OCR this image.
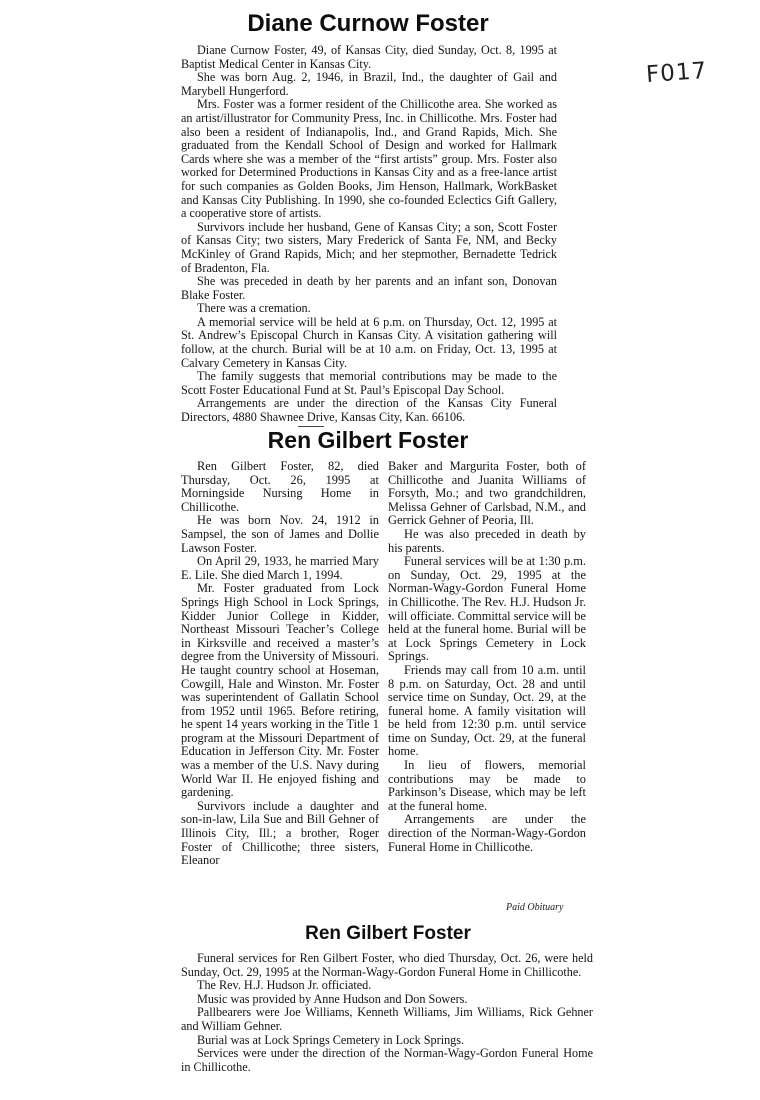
F017
Diane Curnow Foster

Diane Curnow Foster, 49, of Kansas City, died Sunday, Oct. 8, 1995 at Baptist Medical Center in Kansas City.

She was born Aug. 2, 1946, in Brazil, Ind., the daughter of Gail and Marybell Hungerford.

Mrs. Foster was a former resident of the Chillicothe area. She worked as an artist/illustrator for Community Press, Inc. in Chillicothe. Mrs. Foster had also been a resident of Indianapolis, Ind., and Grand Rapids, Mich. She graduated from the Kendall School of Design and worked for Hallmark Cards where she was a member of the “first artists” group. Mrs. Foster also worked for Determined Productions in Kansas City and as a free-lance artist for such companies as Golden Books, Jim Henson, Hallmark, WorkBasket and Kansas City Publishing. In 1990, she co-founded Eclectics Gift Gallery, a cooperative store of artists.

Survivors include her husband, Gene of Kansas City; a son, Scott Foster of Kansas City; two sisters, Mary Frederick of Santa Fe, NM, and Becky McKinley of Grand Rapids, Mich; and her stepmother, Bernadette Tedrick of Bradenton, Fla.

She was preceded in death by her parents and an infant son, Donovan Blake Foster.

There was a cremation.

A memorial service will be held at 6 p.m. on Thursday, Oct. 12, 1995 at St. Andrew’s Episcopal Church in Kansas City. A visitation gathering will follow, at the church. Burial will be at 10 a.m. on Friday, Oct. 13, 1995 at Calvary Cemetery in Kansas City.

The family suggests that memorial contributions may be made to the Scott Foster Educational Fund at St. Paul’s Episcopal Day School.

Arrangements are under the direction of the Kansas City Funeral Directors, 4880 Shawnee Drive, Kansas City, Kan. 66106.

Ren Gilbert Foster

Ren Gilbert Foster, 82, died Thursday, Oct. 26, 1995 at Morningside Nursing Home in Chillicothe.

He was born Nov. 24, 1912 in Sampsel, the son of James and Dollie Lawson Foster.

On April 29, 1933, he married Mary E. Lile. She died March 1, 1994.

Mr. Foster graduated from Lock Springs High School in Lock Springs, Kidder Junior College in Kidder, Northeast Missouri Teacher’s College in Kirksville and received a master’s degree from the University of Missouri. He taught country school at Hoseman, Cowgill, Hale and Winston. Mr. Foster was superintendent of Gallatin School from 1952 until 1965. Before retiring, he spent 14 years working in the Title 1 program at the Missouri Department of Education in Jefferson City. Mr. Foster was a member of the U.S. Navy during World War II. He enjoyed fishing and gardening.

Survivors include a daughter and son-in-law, Lila Sue and Bill Gehner of Illinois City, Ill.; a brother, Roger Foster of Chillicothe; three sisters, Eleanor

Baker and Margurita Foster, both of Chillicothe and Juanita Williams of Forsyth, Mo.; and two grandchildren, Melissa Gehner of Carlsbad, N.M., and Gerrick Gehner of Peoria, Ill.

He was also preceded in death by his parents.

Funeral services will be at 1:30 p.m. on Sunday, Oct. 29, 1995 at the Norman-Wagy-Gordon Funeral Home in Chillicothe. The Rev. H.J. Hudson Jr. will officiate. Committal service will be held at the funeral home. Burial will be at Lock Springs Cemetery in Lock Springs.

Friends may call from 10 a.m. until 8 p.m. on Saturday, Oct. 28 and until service time on Sunday, Oct. 29, at the funeral home. A family visitation will be held from 12:30 p.m. until service time on Sunday, Oct. 29, at the funeral home.

In lieu of flowers, memorial contributions may be made to Parkinson’s Disease, which may be left at the funeral home.

Arrangements are under the direction of the Norman-Wagy-Gordon Funeral Home in Chillicothe.

Paid Obituary
Ren Gilbert Foster

Funeral services for Ren Gilbert Foster, who died Thursday, Oct. 26, were held Sunday, Oct. 29, 1995 at the Norman-Wagy-Gordon Funeral Home in Chillicothe.

The Rev. H.J. Hudson Jr. officiated.

Music was provided by Anne Hudson and Don Sowers.

Pallbearers were Joe Williams, Kenneth Williams, Jim Williams, Rick Gehner and William Gehner.

Burial was at Lock Springs Cemetery in Lock Springs.

Services were under the direction of the Norman-Wagy-Gordon Funeral Home in Chillicothe.
